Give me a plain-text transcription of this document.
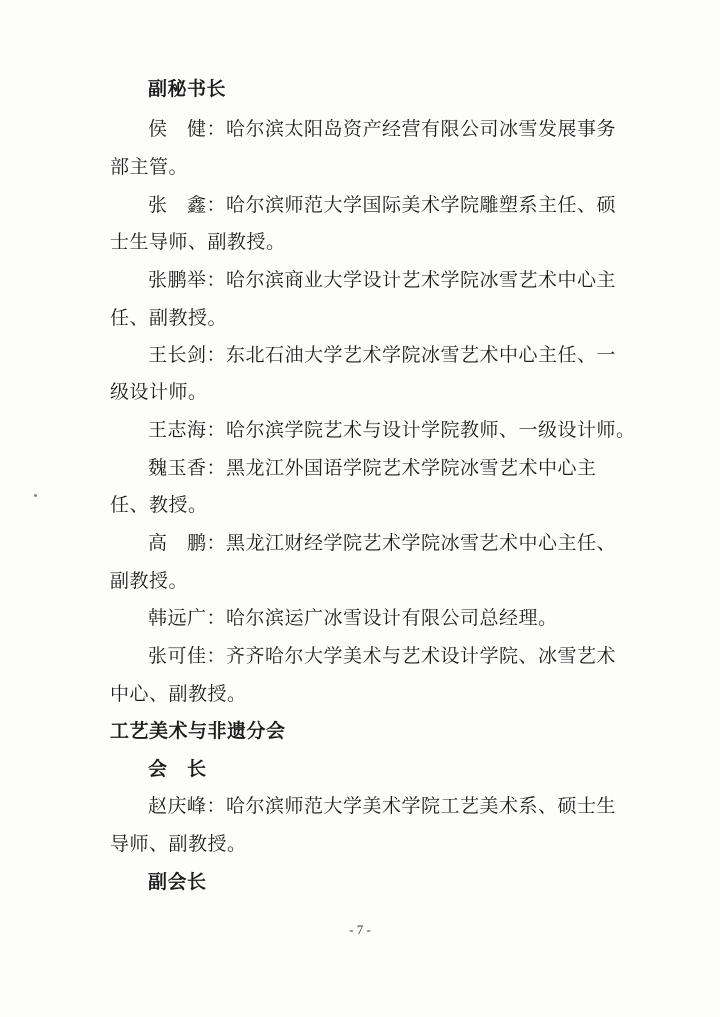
副秘书长
侯　健：哈尔滨太阳岛资产经营有限公司冰雪发展事务
部主管。
张　鑫：哈尔滨师范大学国际美术学院雕塑系主任、硕
士生导师、副教授。
张鹏举：哈尔滨商业大学设计艺术学院冰雪艺术中心主
任、副教授。
王长剑：东北石油大学艺术学院冰雪艺术中心主任、一
级设计师。
王志海：哈尔滨学院艺术与设计学院教师、一级设计师。
魏玉香：黑龙江外国语学院艺术学院冰雪艺术中心主
任、教授。
高　鹏：黑龙江财经学院艺术学院冰雪艺术中心主任、
副教授。
韩远广：哈尔滨运广冰雪设计有限公司总经理。
张可佳：齐齐哈尔大学美术与艺术设计学院、冰雪艺术
中心、副教授。
工艺美术与非遗分会
会　长
赵庆峰：哈尔滨师范大学美术学院工艺美术系、硕士生
导师、副教授。
副会长
- 7 -
